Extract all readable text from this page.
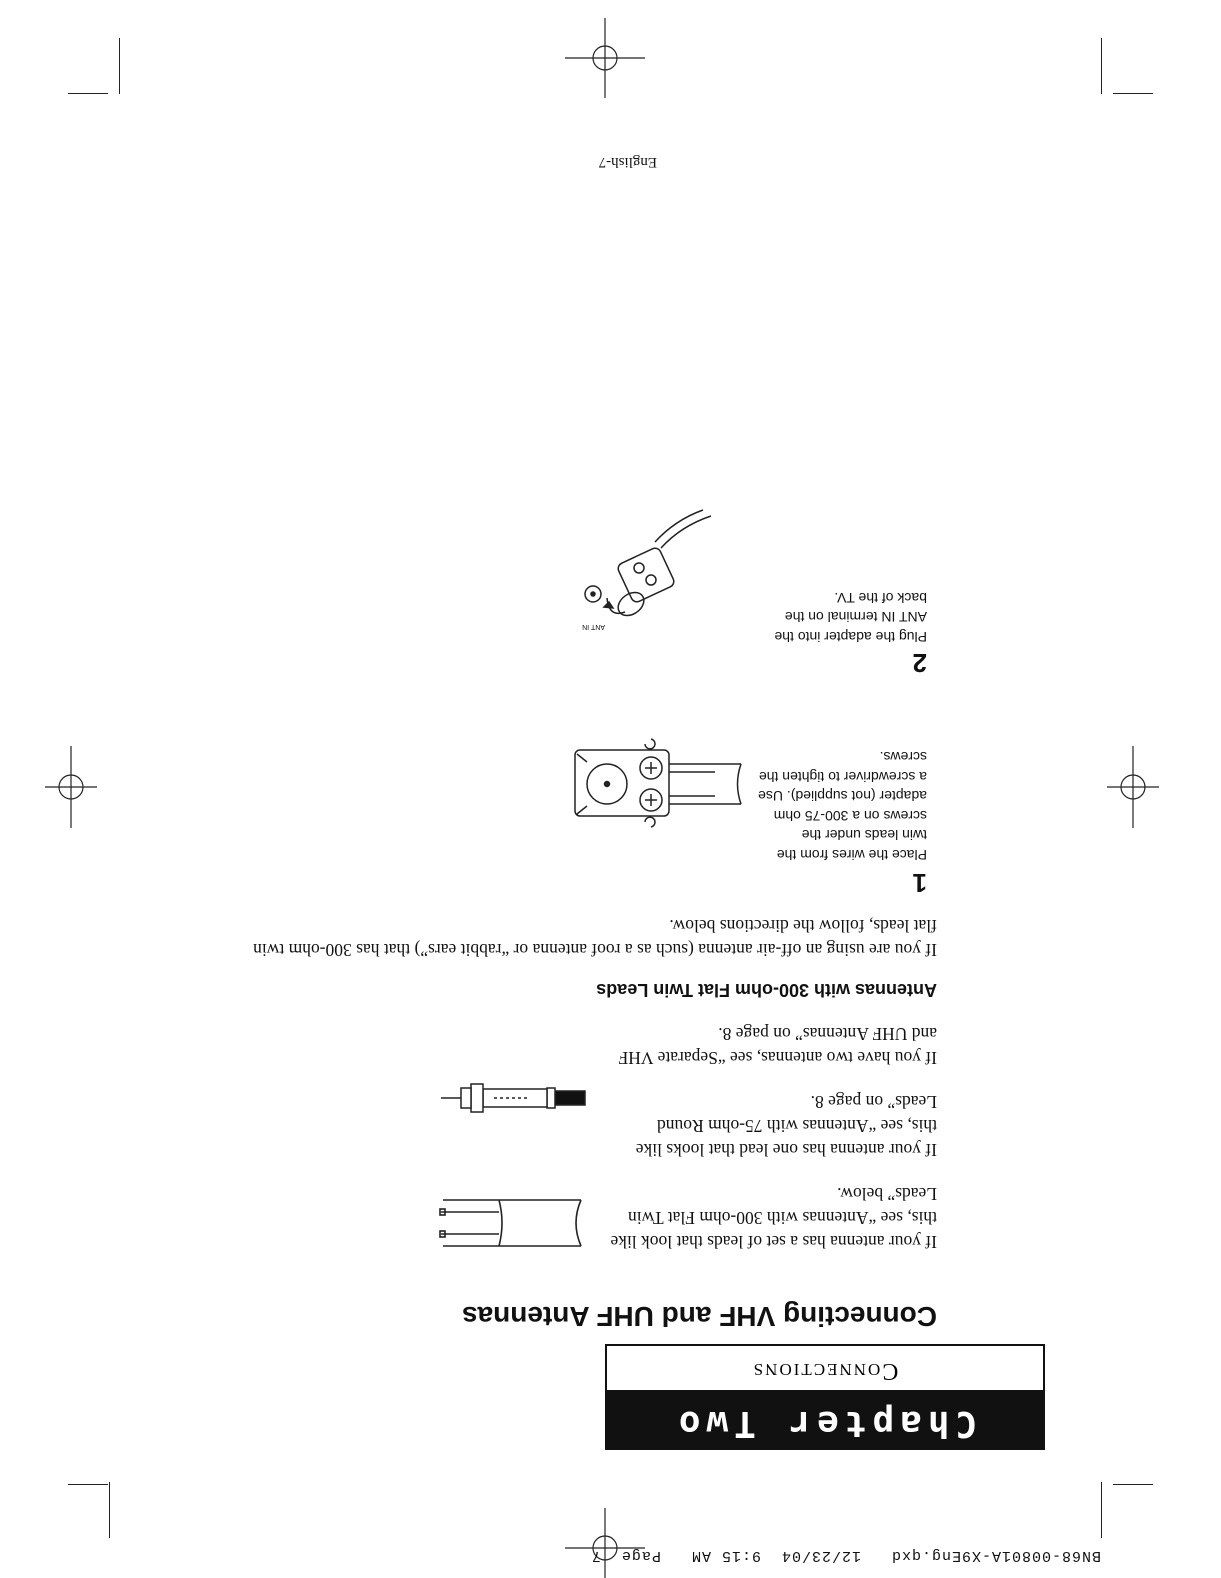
BN68-00801A-X9Eng.qxd   12/23/04  9:15 AM   Page  7
Chapter Two
Connections
Connecting VHF and UHF Antennas
If your antenna has a set of leads that look like this, see “Antennas with 300-ohm Flat Twin Leads” below.
If your antenna has one lead that looks like this, see “Antennas with 75-ohm Round Leads” on page 8.
If you have two antennas, see “Separate VHF and UHF Antennas” on page 8.
Antennas with 300-ohm Flat Twin Leads
If you are using an off-air antenna (such as a roof antenna or “rabbit ears”) that has 300-ohm twin flat leads, follow the directions below.
1
Place the wires from the twin leads under the screws on a 300-75 ohm adapter (not supplied). Use a screwdriver to tighten the screws.
2
Plug the adapter into the ANT IN terminal on the back of the TV.
ANT IN
English-7
